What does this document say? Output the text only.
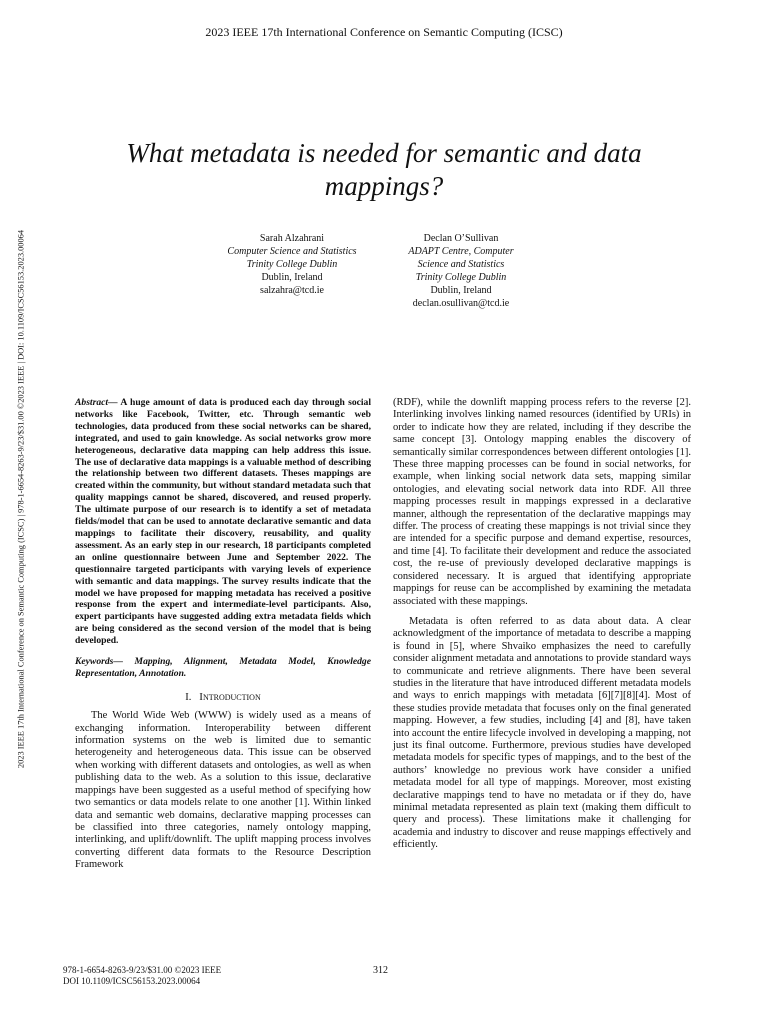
2023 IEEE 17th International Conference on Semantic Computing (ICSC)
2023 IEEE 17th International Conference on Semantic Computing (ICSC) | 978-1-6654-8263-9/23/$31.00 ©2023 IEEE | DOI: 10.1109/ICSC56153.2023.00064
What metadata is needed for semantic and data
mappings?
Sarah Alzahrani
Computer Science and Statistics
Trinity College Dublin
Dublin, Ireland
salzahra@tcd.ie
Declan O’Sullivan
ADAPT Centre, Computer
Science and Statistics
Trinity College Dublin
Dublin, Ireland
declan.osullivan@tcd.ie

Abstract— A huge amount of data is produced each day through social networks like Facebook, Twitter, etc. Through semantic web technologies, data produced from these social networks can be shared, integrated, and used to gain knowledge. As social networks grow more heterogeneous, declarative data mapping can help address this issue. The use of declarative data mappings is a valuable method of describing the relationship between two different datasets. Theses mappings are created within the community, but without standard metadata such that quality mappings cannot be shared, discovered, and reused properly. The ultimate purpose of our research is to identify a set of metadata fields/model that can be used to annotate declarative semantic and data mappings to facilitate their discovery, reusability, and quality assessment. As an early step in our research, 18 participants completed an online questionnaire between June and September 2022. The questionnaire targeted participants with varying levels of experience with semantic and data mappings. The survey results indicate that the model we have proposed for mapping metadata has received a positive response from the expert and intermediate-level participants. Also, expert participants have suggested adding extra metadata fields which are being considered as the second version of the model that is being developed.

Keywords— Mapping, Alignment, Metadata Model, Knowledge Representation, Annotation.

I. Introduction

The World Wide Web (WWW) is widely used as a means of exchanging information. Interoperability between different information systems on the web is limited due to semantic heterogeneity and heterogeneous data. This issue can be observed when working with different datasets and ontologies, as well as when publishing data to the web. As a solution to this issue, declarative mappings have been suggested as a useful method of specifying how two semantics or data models relate to one another [1]. Within linked data and semantic web domains, declarative mapping processes can be classified into three categories, namely ontology mapping, interlinking, and uplift/downlift. The uplift mapping process involves converting different data formats to the Resource Description Framework

(RDF), while the downlift mapping process refers to the reverse [2]. Interlinking involves linking named resources (identified by URIs) in order to indicate how they are related, including if they describe the same concept [3]. Ontology mapping enables the discovery of semantically similar correspondences between different ontologies [1]. These three mapping processes can be found in social networks, for example, when linking social network data sets, mapping similar ontologies, and elevating social network data into RDF. All three mapping processes result in mappings expressed in a declarative manner, although the representation of the declarative mappings may differ. The process of creating these mappings is not trivial since they are intended for a specific purpose and demand expertise, resources, and time [4]. To facilitate their development and reduce the associated cost, the re-use of previously developed declarative mappings is considered necessary. It is argued that identifying appropriate mappings for reuse can be accomplished by examining the metadata associated with these mappings.

Metadata is often referred to as data about data. A clear acknowledgment of the importance of metadata to describe a mapping is found in [5], where Shvaiko emphasizes the need to carefully consider alignment metadata and annotations to provide standard ways to communicate and retrieve alignments. There have been several studies in the literature that have introduced different metadata models and ways to enrich mappings with metadata [6][7][8][4]. Most of these studies provide metadata that focuses only on the final generated mapping. However, a few studies, including [4] and [8], have taken into account the entire lifecycle involved in developing a mapping, not just its final outcome. Furthermore, previous studies have developed metadata models for specific types of mappings, and to the best of the authors’ knowledge no previous work have consider a unified metadata model for all type of mappings. Moreover, most existing declarative mappings tend to have no metadata or if they do, have minimal metadata represented as plain text (making them difficult to query and process). These limitations make it challenging for academia and industry to discover and reuse mappings effectively and efficiently.

978-1-6654-8263-9/23/$31.00 ©2023 IEEE
DOI 10.1109/ICSC56153.2023.00064
312
